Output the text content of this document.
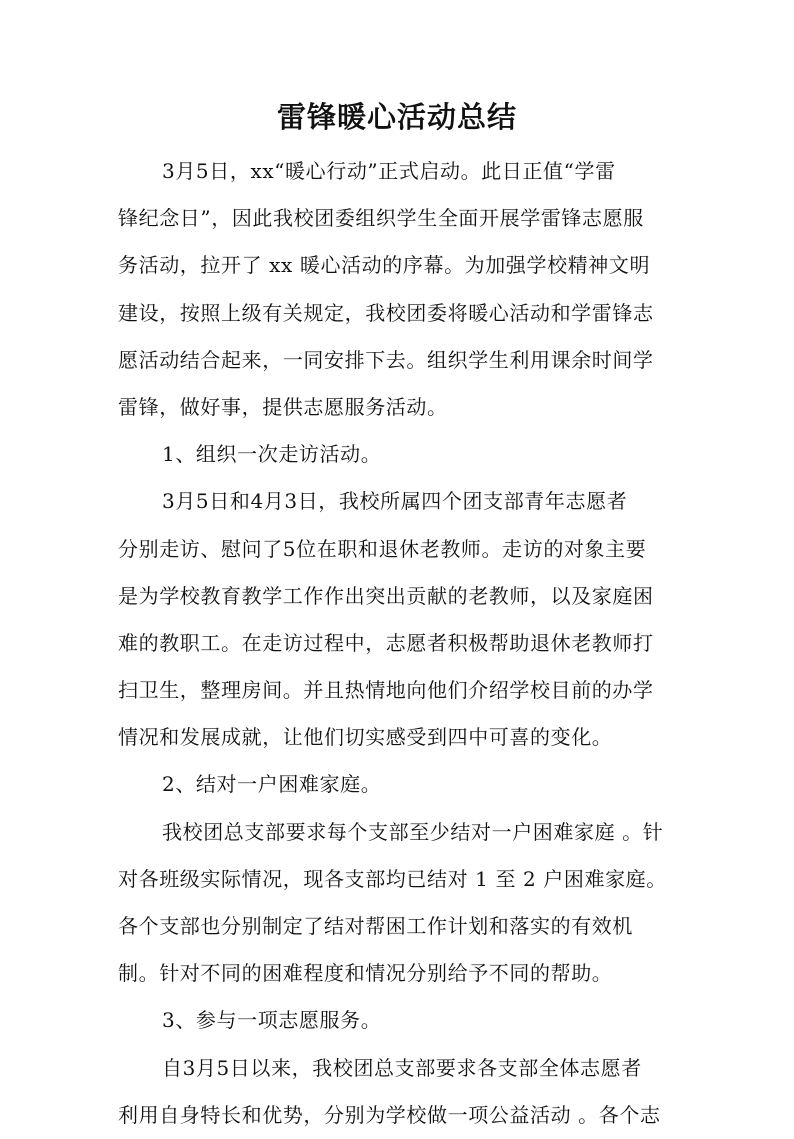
雷锋暖心活动总结
3月5日，xx“暖心行动”正式启动。此日正值“学雷
锋纪念日”，因此我校团委组织学生全面开展学雷锋志愿服
务活动，拉开了 xx 暖心活动的序幕。为加强学校精神文明
建设，按照上级有关规定，我校团委将暖心活动和学雷锋志
愿活动结合起来，一同安排下去。组织学生利用课余时间学
雷锋，做好事，提供志愿服务活动。
1、组织一次走访活动。
3月5日和4月3日，我校所属四个团支部青年志愿者
分别走访、慰问了5位在职和退休老教师。走访的对象主要
是为学校教育教学工作作出突出贡献的老教师，以及家庭困
难的教职工。在走访过程中，志愿者积极帮助退休老教师打
扫卫生，整理房间。并且热情地向他们介绍学校目前的办学
情况和发展成就，让他们切实感受到四中可喜的变化。
2、结对一户困难家庭。
我校团总支部要求每个支部至少结对一户困难家庭 。针
对各班级实际情况，现各支部均已结对 1 至 2 户困难家庭。
各个支部也分别制定了结对帮困工作计划和落实的有效机
制。针对不同的困难程度和情况分别给予不同的帮助。
3、参与一项志愿服务。
自3月5日以来，我校团总支部要求各支部全体志愿者
利用自身特长和优势，分别为学校做一项公益活动 。各个志
